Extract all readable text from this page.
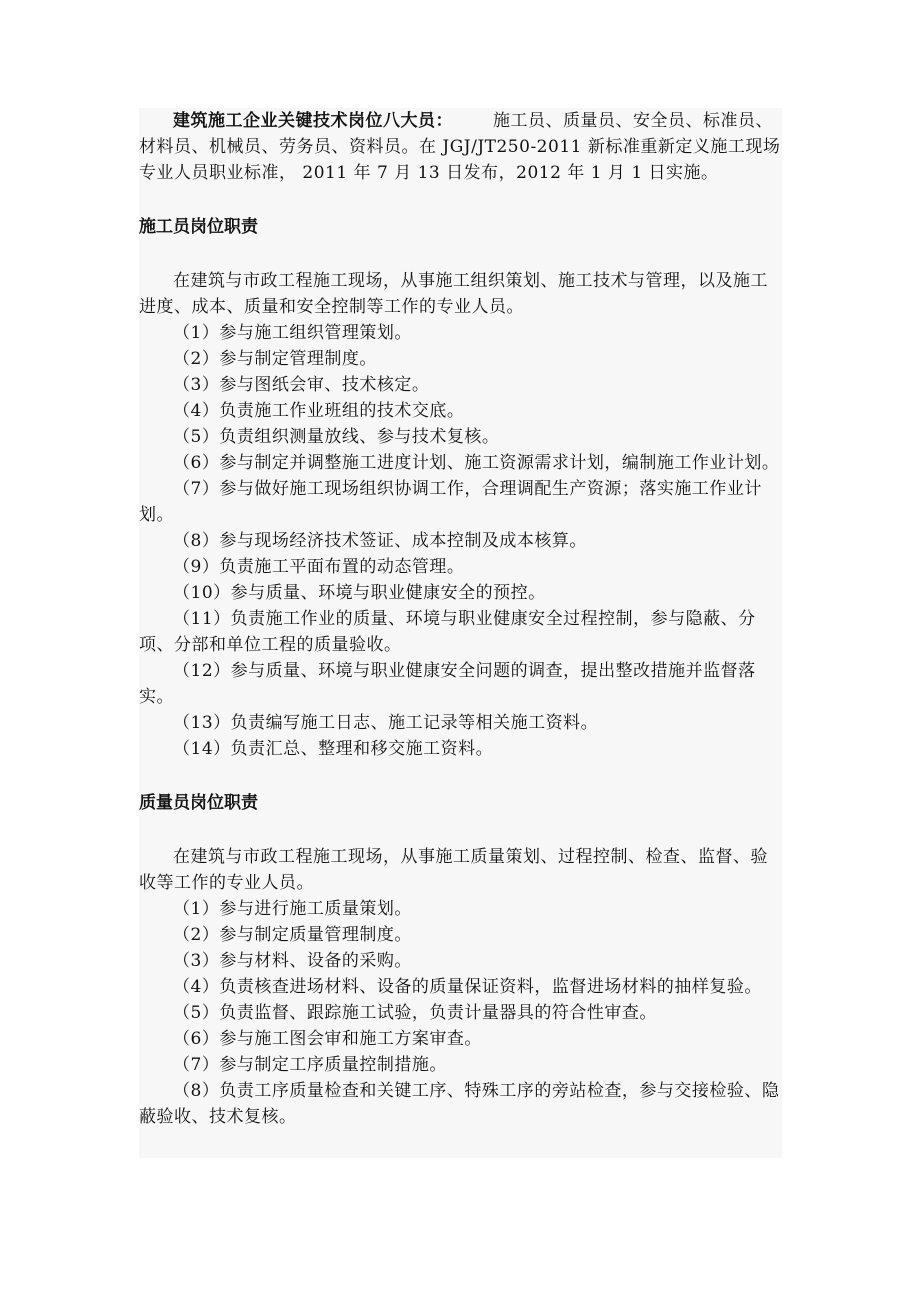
建筑施工企业关键技术岗位八大员： 施工员、质量员、安全员、标准员、材料员、机械员、劳务员、资料员。在 JGJ/JT250-2011 新标准重新定义施工现场专业人员职业标准， 2011 年 7 月 13 日发布，2012 年 1 月 1 日实施。

施工员岗位职责

在建筑与市政工程施工现场，从事施工组织策划、施工技术与管理，以及施工进度、成本、质量和安全控制等工作的专业人员。

（1）参与施工组织管理策划。

（2）参与制定管理制度。

（3）参与图纸会审、技术核定。

（4）负责施工作业班组的技术交底。

（5）负责组织测量放线、参与技术复核。

（6）参与制定并调整施工进度计划、施工资源需求计划，编制施工作业计划。

（7）参与做好施工现场组织协调工作，合理调配生产资源；落实施工作业计划。

（8）参与现场经济技术签证、成本控制及成本核算。

（9）负责施工平面布置的动态管理。

（10）参与质量、环境与职业健康安全的预控。

（11）负责施工作业的质量、环境与职业健康安全过程控制，参与隐蔽、分项、分部和单位工程的质量验收。

（12）参与质量、环境与职业健康安全问题的调查，提出整改措施并监督落实。

（13）负责编写施工日志、施工记录等相关施工资料。

（14）负责汇总、整理和移交施工资料。

质量员岗位职责

在建筑与市政工程施工现场，从事施工质量策划、过程控制、检查、监督、验收等工作的专业人员。

（1）参与进行施工质量策划。

（2）参与制定质量管理制度。

（3）参与材料、设备的采购。

（4）负责核查进场材料、设备的质量保证资料，监督进场材料的抽样复验。

（5）负责监督、跟踪施工试验，负责计量器具的符合性审查。

（6）参与施工图会审和施工方案审查。

（7）参与制定工序质量控制措施。

（8）负责工序质量检查和关键工序、特殊工序的旁站检查，参与交接检验、隐蔽验收、技术复核。
